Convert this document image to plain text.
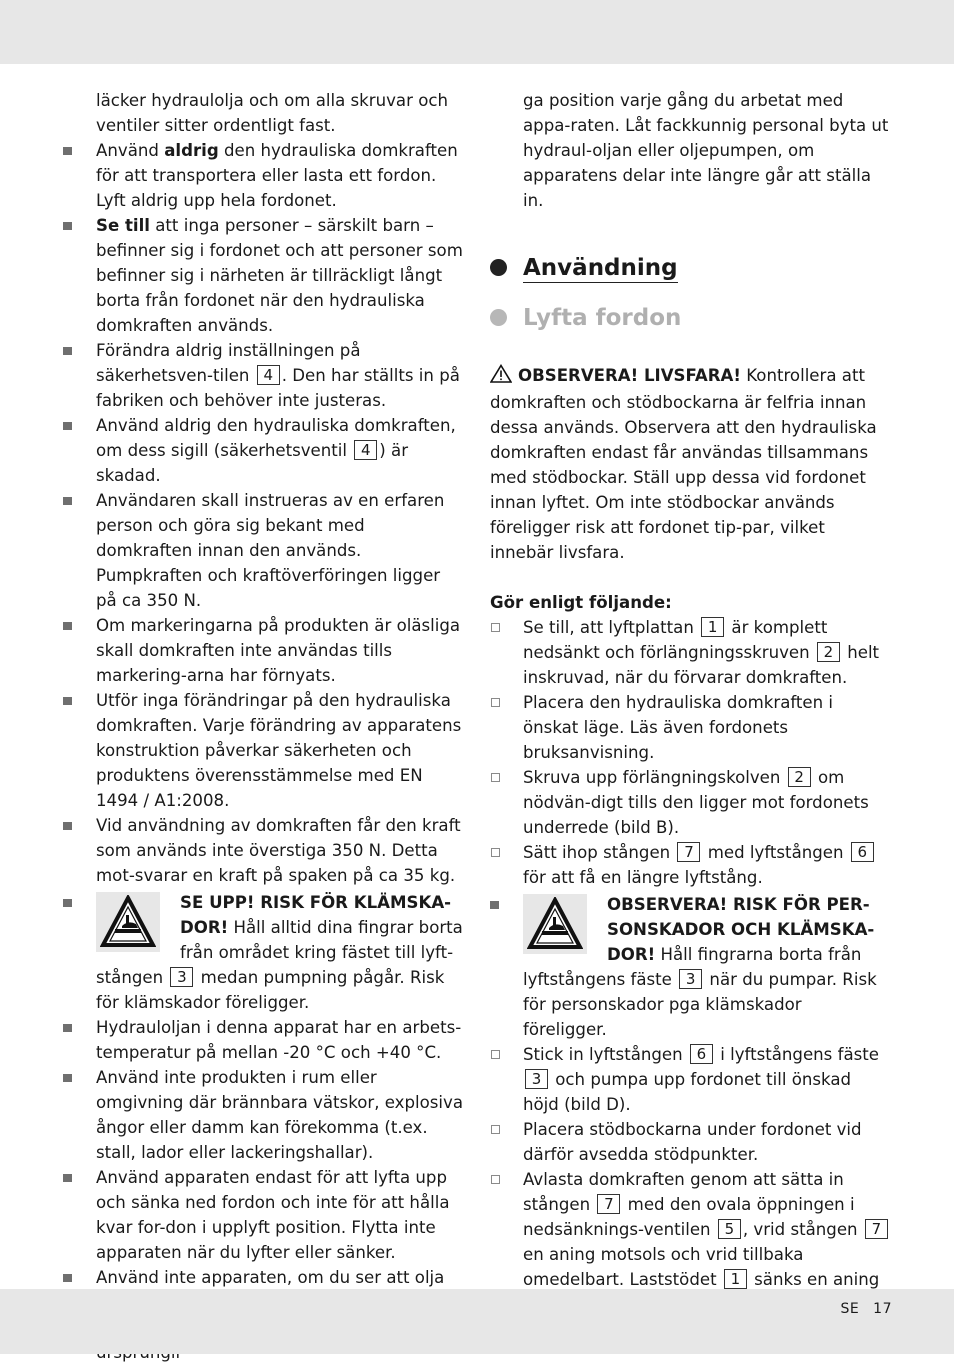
läcker hydraulolja och om alla skruvar och ventiler sitter ordentligt fast.
Använd aldrig den hydrauliska domkraften för att transportera eller lasta ett fordon. Lyft aldrig upp hela fordonet.
Se till att inga personer – särskilt barn – befinner sig i fordonet och att personer som befinner sig i närheten är tillräckligt långt borta från fordonet när den hydrauliska domkraften används.
Förändra aldrig inställningen på säkerhetsven-tilen 4 . Den har ställts in på fabriken och behöver inte justeras.
Använd aldrig den hydrauliska domkraften, om dess sigill (säkerhetsventil 4 ) är skadad.
Användaren skall instrueras av en erfaren person och göra sig bekant med domkraften innan den används. Pumpkraften och kraftöverföringen ligger på ca 350 N.
Om markeringarna på produkten är oläsliga skall domkraften inte användas tills markering-arna har förnyats.
Utför inga förändringar på den hydrauliska domkraften. Varje förändring av apparatens konstruktion påverkar säkerheten och produktens överensstämmelse med EN 1494 / A1:2008.
Vid användning av domkraften får den kraft som används inte överstiga 350 N. Detta mot-svarar en kraft på spaken på ca 35 kg.
SE UPP! RISK FÖR KLÄMSKA-DOR! Håll alltid dina fingrar borta från området kring fästet till lyft-stången 3 medan pumpning pågår. Risk för klämskador föreligger.
Hydrauloljan i denna apparat har en arbets-temperatur på mellan -20 °C och +40 °C.
Använd inte produkten i rum eller omgivning där brännbara vätskor, explosiva ångor eller damm kan förekomma (t.ex. stall, lador eller lackeringshallar).
Använd apparaten endast för att lyfta upp och sänka ned fordon och inte för att hålla kvar for-don i upplyft position. Flytta inte apparaten när du lyfter eller sänker.
Använd inte apparaten, om du ser att olja
ga position varje gång du arbetat med appa-raten. Låt fackkunnig personal byta ut hydraul-oljan eller oljepumpen, om apparatens delar inte längre går att ställa in.
Användning
Lyfta fordon
OBSERVERA! LIVSFARA! Kontrollera att domkraften och stödbockarna är felfria innan dessa används. Observera att den hydrauliska domkraften endast får användas tillsammans med stödbockar. Ställ upp dessa vid fordonet innan lyftet. Om inte stödbockar används föreligger risk att fordonet tip-par, vilket innebär livsfara.
Gör enligt följande:
Se till, att lyftplattan 1 är komplett nedsänkt och förlängningsskruven 2 helt inskruvad, när du förvarar domkraften.
Placera den hydrauliska domkraften i önskat läge. Läs även fordonets bruksanvisning.
Skruva upp förlängningskolven 2 om nödvän-digt tills den ligger mot fordonets underrede (bild B).
Sätt ihop stången 7 med lyftstången 6 för att få en längre lyftstång.
OBSERVERA! RISK FÖR PER-SONSKADOR OCH KLÄMSKA-DOR! Håll fingrarna borta från lyftstångens fäste 3 när du pumpar. Risk för personskador pga klämskador föreligger.
Stick in lyftstången 6 i lyftstångens fäste 3 och pumpa upp fordonet till önskad höjd (bild D).
Placera stödbockarna under fordonet vid därför avsedda stödpunkter.
Avlasta domkraften genom att sätta in stången 7 med den ovala öppningen i nedsänknings-ventilen 5 , vrid stången 7 en aning motsols och vrid tillbaka omedelbart. Laststödet 1 sänks en aning
SE 17
